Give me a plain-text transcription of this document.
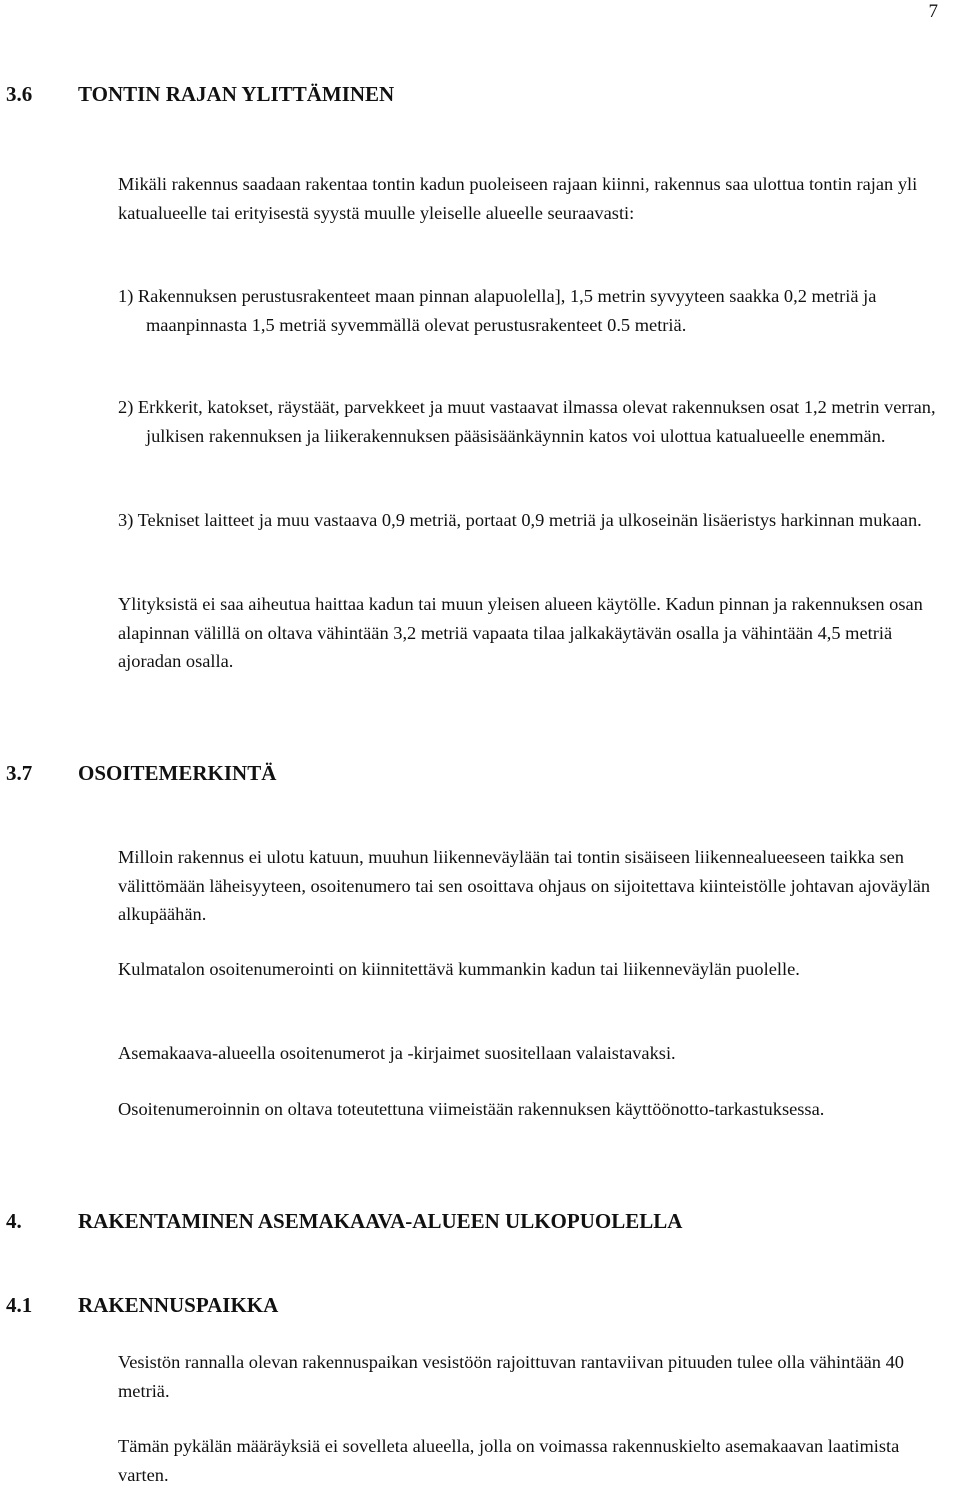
7
3.6 TONTIN RAJAN YLITTÄMINEN
Mikäli rakennus saadaan rakentaa tontin kadun puoleiseen rajaan kiinni, rakennus saa ulottua tontin rajan yli katualueelle tai erityisestä syystä muulle yleiselle alueelle seuraavasti:
1) Rakennuksen perustusrakenteet maan pinnan alapuolella], 1,5 metrin syvyyteen saakka 0,2 metriä ja maanpinnasta 1,5 metriä syvemmällä olevat perustusrakenteet 0.5 metriä.
2) Erkkerit, katokset, räystäät, parvekkeet ja muut vastaavat ilmassa olevat rakennuksen osat 1,2 metrin verran, julkisen rakennuksen ja liikerakennuksen pääsisäänkäynnin katos voi ulottua katualueelle enemmän.
3) Tekniset laitteet ja muu vastaava 0,9 metriä, portaat 0,9 metriä ja ulkoseinän lisäeristys harkinnan mukaan.
Ylityksistä ei saa aiheutua haittaa kadun tai muun yleisen alueen käytölle. Kadun pinnan ja rakennuksen osan alapinnan välillä on oltava vähintään 3,2 metriä vapaata tilaa jalkakäytävän osalla ja vähintään 4,5 metriä ajoradan osalla.
3.7 OSOITEMERKINTÄ
Milloin rakennus ei ulotu katuun, muuhun liikenneväylään tai tontin sisäiseen liikennealueeseen taikka sen välittömään läheisyyteen, osoitenumero tai sen osoittava ohjaus on sijoitettava kiinteistölle johtavan ajoväylän alkupäähän.
Kulmatalon osoitenumerointi on kiinnitettävä kummankin kadun tai liikenneväylän puolelle.
Asemakaava-alueella osoitenumerot ja -kirjaimet suositellaan valaistavaksi.
Osoitenumeroinnin on oltava toteutettuna viimeistään rakennuksen käyttöönotto-tarkastuksessa.
4.	RAKENTAMINEN ASEMAKAAVA-ALUEEN ULKOPUOLELLA
4.1 RAKENNUSPAIKKA
Vesistön rannalla olevan rakennuspaikan vesistöön rajoittuvan rantaviivan pituuden tulee olla vähintään 40 metriä.
Tämän pykälän määräyksiä ei sovelleta alueella, jolla on voimassa rakennuskielto asemakaavan laatimista varten.
